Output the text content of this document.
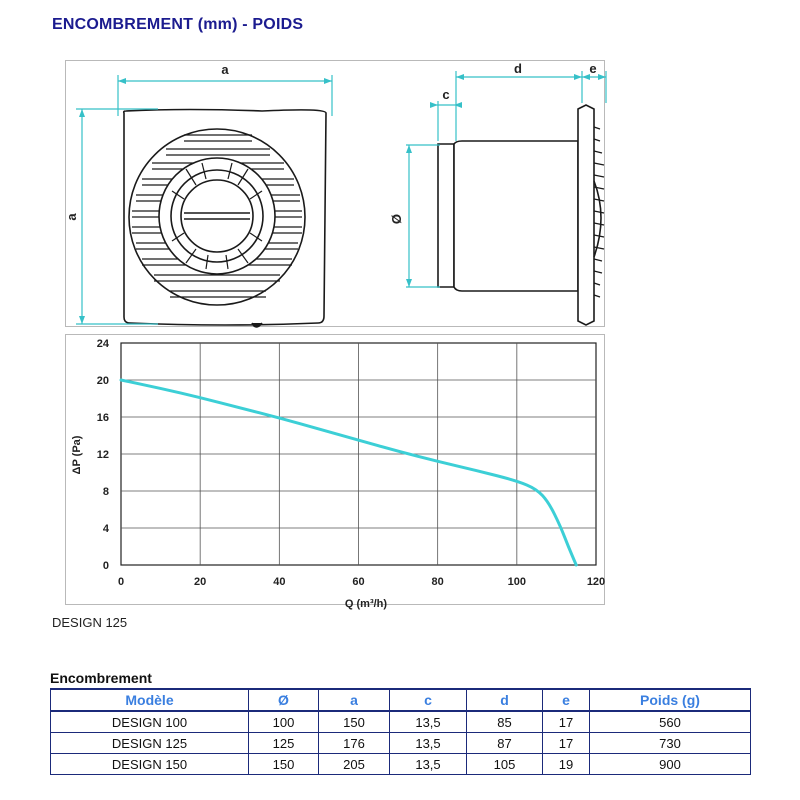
ENCOMBREMENT (mm) - POIDS
a
a
d	e
c
Ø
0	20	40	60	80	100	120
0
4
8
12
16
20
24
Q (m³/h)
ΔP (Pa)
DESIGN 125
Encombrement
Modèle	Ø	a	c	d	e	Poids (g)
DESIGN 100	100	150	13,5	85	17	560
DESIGN 125	125	176	13,5	87	17	730
DESIGN 150	150	205	13,5	105	19	900
